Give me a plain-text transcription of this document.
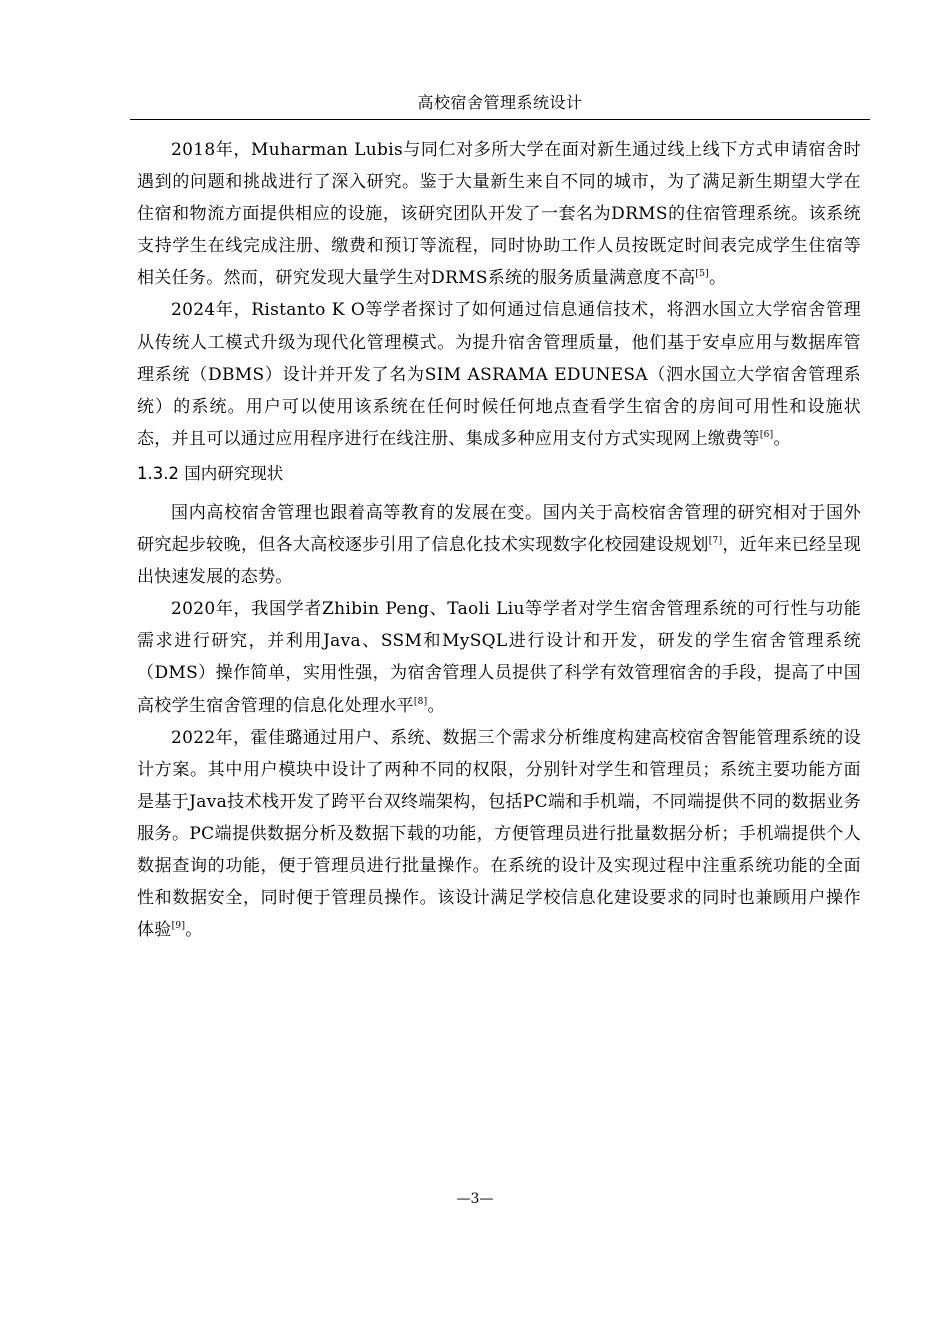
高校宿舍管理系统设计

2018年，Muharman Lubis与同仁对多所大学在面对新生通过线上线下方式申请宿舍时遇到的问题和挑战进行了深入研究。鉴于大量新生来自不同的城市，为了满足新生期望大学在住宿和物流方面提供相应的设施，该研究团队开发了一套名为DRMS的住宿管理系统。该系统支持学生在线完成注册、缴费和预订等流程，同时协助工作人员按既定时间表完成学生住宿等相关任务。然而，研究发现大量学生对DRMS系统的服务质量满意度不高[5]。

2024年，Ristanto K O等学者探讨了如何通过信息通信技术，将泗水国立大学宿舍管理从传统人工模式升级为现代化管理模式。为提升宿舍管理质量，他们基于安卓应用与数据库管理系统（DBMS）设计并开发了名为SIM ASRAMA EDUNESA（泗水国立大学宿舍管理系统）的系统。用户可以使用该系统在任何时候任何地点查看学生宿舍的房间可用性和设施状态，并且可以通过应用程序进行在线注册、集成多种应用支付方式实现网上缴费等[6]。

1.3.2 国内研究现状

国内高校宿舍管理也跟着高等教育的发展在变。国内关于高校宿舍管理的研究相对于国外研究起步较晚，但各大高校逐步引用了信息化技术实现数字化校园建设规划[7]，近年来已经呈现出快速发展的态势。

2020年，我国学者Zhibin Peng、Taoli Liu等学者对学生宿舍管理系统的可行性与功能需求进行研究，并利用Java、SSM和MySQL进行设计和开发，研发的学生宿舍管理系统（DMS）操作简单，实用性强，为宿舍管理人员提供了科学有效管理宿舍的手段，提高了中国高校学生宿舍管理的信息化处理水平[8]。

2022年，霍佳璐通过用户、系统、数据三个需求分析维度构建高校宿舍智能管理系统的设计方案。其中用户模块中设计了两种不同的权限，分别针对学生和管理员；系统主要功能方面是基于Java技术栈开发了跨平台双终端架构，包括PC端和手机端，不同端提供不同的数据业务服务。PC端提供数据分析及数据下载的功能，方便管理员进行批量数据分析；手机端提供个人数据查询的功能，便于管理员进行批量操作。在系统的设计及实现过程中注重系统功能的全面性和数据安全，同时便于管理员操作。该设计满足学校信息化建设要求的同时也兼顾用户操作体验[9]。

—3—
